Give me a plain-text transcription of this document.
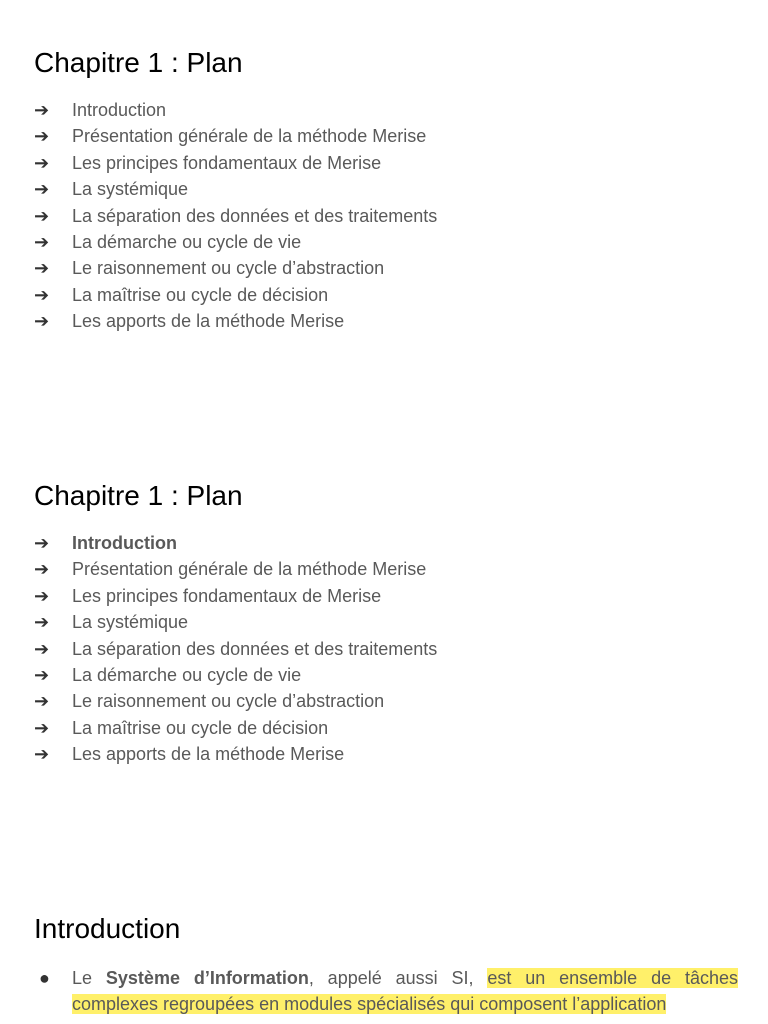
Chapitre 1 : Plan
➔	Introduction
➔	Présentation générale de la méthode Merise
➔	Les principes fondamentaux de Merise
➔	La systémique
➔	La séparation des données et des traitements
➔	La démarche ou cycle de vie
➔	Le raisonnement ou cycle d’abstraction
➔	La maîtrise ou cycle de décision
➔	Les apports de la méthode Merise
Chapitre 1 : Plan
➔	Introduction
➔	Présentation générale de la méthode Merise
➔	Les principes fondamentaux de Merise
➔	La systémique
➔	La séparation des données et des traitements
➔	La démarche ou cycle de vie
➔	Le raisonnement ou cycle d’abstraction
➔	La maîtrise ou cycle de décision
➔	Les apports de la méthode Merise
Introduction
● Le Système d’Information, appelé aussi SI, est un ensemble de tâches complexes regroupées en modules spécialisés qui composent l’application
